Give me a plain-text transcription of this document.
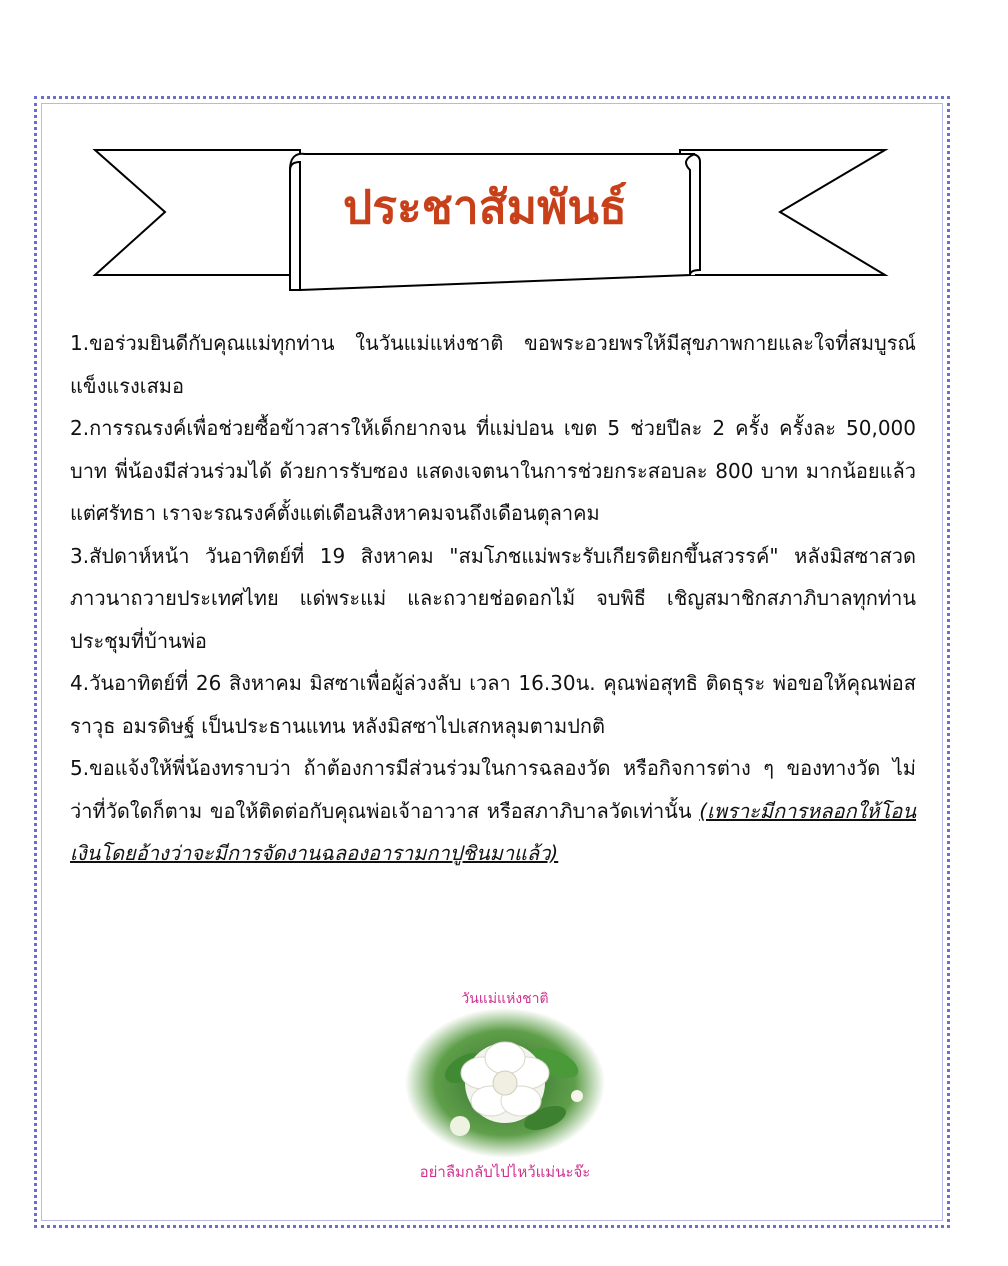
ประชาสัมพันธ์

1.ขอร่วมยินดีกับคุณแม่ทุกท่าน ในวันแม่แห่งชาติ ขอพระอวยพรให้มีสุขภาพกายและใจที่สมบูรณ์แข็งแรงเสมอ

2.การรณรงค์เพื่อช่วยซื้อข้าวสารให้เด็กยากจน ที่แม่ปอน เขต 5 ช่วยปีละ 2 ครั้ง ครั้งละ 50,000 บาท พี่น้องมีส่วนร่วมได้ ด้วยการรับซอง แสดงเจตนาในการช่วยกระสอบละ 800 บาท มากน้อยแล้วแต่ศรัทธา เราจะรณรงค์ตั้งแต่เดือนสิงหาคมจนถึงเดือนตุลาคม

3.สัปดาห์หน้า วันอาทิตย์ที่ 19 สิงหาคม "สมโภชแม่พระรับเกียรติยกขึ้นสวรรค์" หลังมิสซาสวดภาวนาถวายประเทศไทย แด่พระแม่ และถวายช่อดอกไม้ จบพิธี เชิญสมาชิกสภาภิบาลทุกท่าน ประชุมที่บ้านพ่อ

4.วันอาทิตย์ที่ 26 สิงหาคม มิสซาเพื่อผู้ล่วงลับ เวลา 16.30น. คุณพ่อสุทธิ ติดธุระ พ่อขอให้คุณพ่อสราวุธ อมรดิษฐ์ เป็นประธานแทน หลังมิสซาไปเสกหลุมตามปกติ

5.ขอแจ้งให้พี่น้องทราบว่า ถ้าต้องการมีส่วนร่วมในการฉลองวัด หรือกิจการต่าง ๆ ของทางวัด ไม่ว่าที่วัดใดก็ตาม ขอให้ติดต่อกับคุณพ่อเจ้าอาวาส หรือสภาภิบาลวัดเท่านั้น (เพราะมีการหลอกให้โอนเงินโดยอ้างว่าจะมีการจัดงานฉลองอารามกาปูชินมาแล้ว)

วันแม่แห่งชาติ
อย่าลืมกลับไปไหว้แม่นะจ๊ะ
